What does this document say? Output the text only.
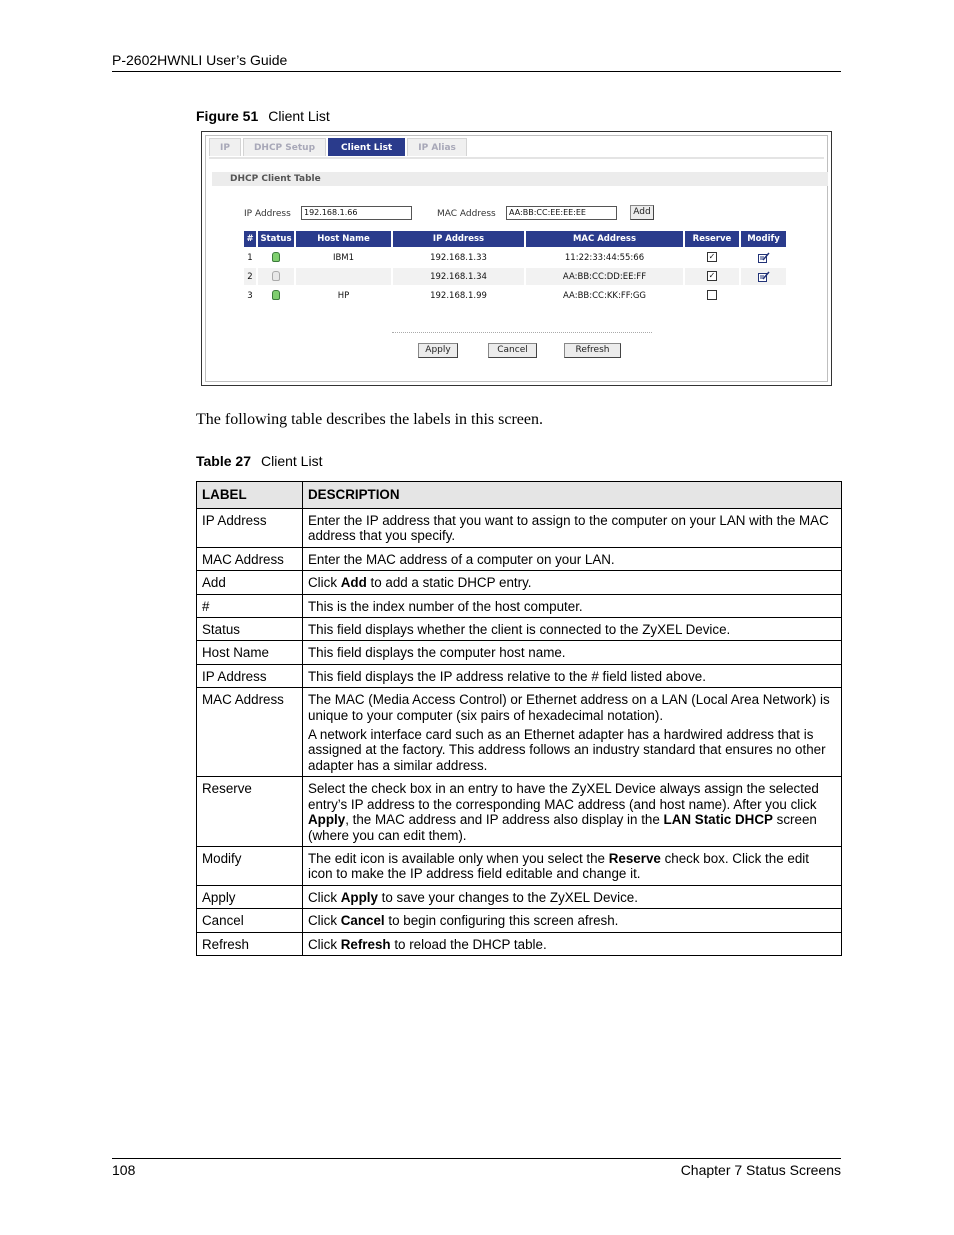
P-2602HWNLI User’s Guide
Figure 51 Client List
IP	DHCP Setup	Client List	IP Alias
DHCP Client Table
IP Address	192.168.1.66	MAC Address	AA:BB:CC:EE:EE:EE	Add
#	Status	Host Name	IP Address	MAC Address	Reserve	Modify
1		IBM1	192.168.1.33	11:22:33:44:55:66	✓	
2			192.168.1.34	AA:BB:CC:DD:EE:FF	✓	
3		HP	192.168.1.99	AA:BB:CC:KK:FF:GG		
Apply	Cancel	Refresh
The following table describes the labels in this screen.
Table 27 Client List
LABEL	DESCRIPTION
IP Address	Enter the IP address that you want to assign to the computer on your LAN with the MAC address that you specify.
MAC Address	Enter the MAC address of a computer on your LAN.
Add	Click Add to add a static DHCP entry.
#	This is the index number of the host computer.
Status	This field displays whether the client is connected to the ZyXEL Device.
Host Name	This field displays the computer host name.
IP Address	This field displays the IP address relative to the # field listed above.
MAC Address	The MAC (Media Access Control) or Ethernet address on a LAN (Local Area Network) is unique to your computer (six pairs of hexadecimal notation).

A network interface card such as an Ethernet adapter has a hardwired address that is assigned at the factory. This address follows an industry standard that ensures no other adapter has a similar address.

Reserve	Select the check box in an entry to have the ZyXEL Device always assign the selected entry’s IP address to the corresponding MAC address (and host name). After you click Apply, the MAC address and IP address also display in the LAN Static DHCP screen (where you can edit them).
Modify	The edit icon is available only when you select the Reserve check box. Click the edit icon to make the IP address field editable and change it.
Apply	Click Apply to save your changes to the ZyXEL Device.
Cancel	Click Cancel to begin configuring this screen afresh.
Refresh	Click Refresh to reload the DHCP table.
108	Chapter 7 Status Screens
